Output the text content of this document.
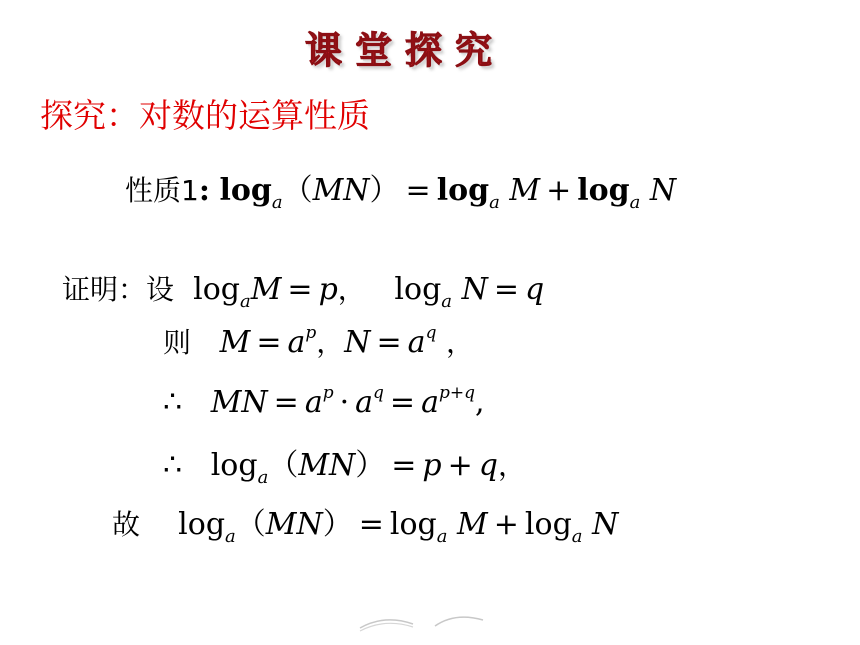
课堂探究
探究：对数的运算性质
性质1: $\log_a(MN) = \log_a M + \log_a N$
证明：设 $\log_aM = p$， $\log_a N = q$
则 $M = a^p$，$N = a^q$ ，
∴ MN = $a^p \cdot a^q = a^{p+q}$,
∴ $\log_a(MN) = p + q$，
故 $\log_a(MN) = \log_a M + \log_a N$
